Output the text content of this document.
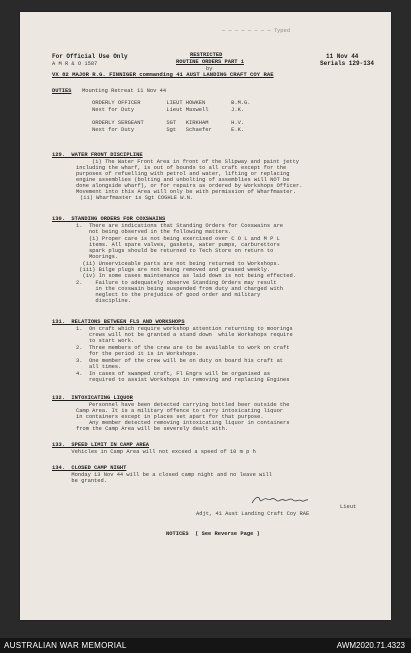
— — — — — — — — Typed
For Official Use Only
A M R & O 1587
RESTRICTED
ROUTINE ORDERS PART 1
by
11 Nov 44
Serials 129-134
VX 82 MAJOR R.G. FINNIGER commanding 41 AUST LANDING CRAFT COY RAE
DUTIES Mounting Retreat 11 Nov 44
ORDERLY OFFICER        LIEUT HOWKEN        B.M.G.
Next for Duty          Lieut Maxwell       J.K.
ORDERLY SERGEANT       SGT   KIRKHAM       H.V.
Next for Duty          Sgt   Schaefer      E.K.
129.  WATER FRONT DISCIPLINE
(i) The Water Front Area in front of the Slipway and paint jetty
including the wharf, is out of bounds to all craft except for the
purposes of refuelling with petrol and water, lifting or replacing
engine assemblies (bolting and unbolting of assemblies will NOT be
done alongside wharf), or for repairs as ordered by Workshops Officer.
Movement into this Area will only be with permission of Wharfmaster.
(ii) Wharfmaster is Sgt COGHLE W.N.
130.  STANDING ORDERS FOR COXSWAINS
1.  There are indications that Standing Orders for Coxswains are
not being observed in the following matters.
(i) Proper care is not being exercised over C O L and M P L
items. All spare valves, gaskets, water pumps, carburettors
spark plugs should be returned to Tech Store on return to
Moorings.
(ii) Unserviceable parts are not being returned to Workshops.
(iii) Bilge plugs are not being removed and greased weekly.
(iv) In some cases maintenance as laid down is not being effected.
2.    Failure to adequately observe Standing Orders may result
in the coxswain being suspended from duty and charged with
neglect to the prejudice of good order and military
discipline.
131.  RELATIONS BETWEEN FLS AND WORKSHOPS
1.  On craft which require workshop attention returning to moorings
crews will not be granted a stand down  while Workshops require
to start work.
2.  Three members of the crew are to be available to work on craft
for the period it is in Workshops.
3.  One member of the crew will be on duty on board his craft at
all times.
4.  In cases of swamped craft, Fl Engrs will be organised as
required to assist Workshops in removing and replacing Engines
132.  INTOXICATING LIQUOR
Personnel have been detected carrying bottled beer outside the
Camp Area. It is a military offence to carry intoxicating liquor
in containers except in places set apart for that purpose.
Any member detected removing intoxicating liquor in containers
from the Camp Area will be severely dealt with.
133.  SPEED LIMIT IN CAMP AREA
Vehicles in Camp Area will not exceed a speed of 10 m p h
134.  CLOSED CAMP NIGHT
Monday 13 Nov 44 will be a closed camp night and no leave will
be granted.
Lieut
Adjt, 41 Aust Landing Craft Coy RAE
NOTICES  ( See Reverse Page )
AUSTRALIAN WAR MEMORIAL	AWM2020.71.4323
